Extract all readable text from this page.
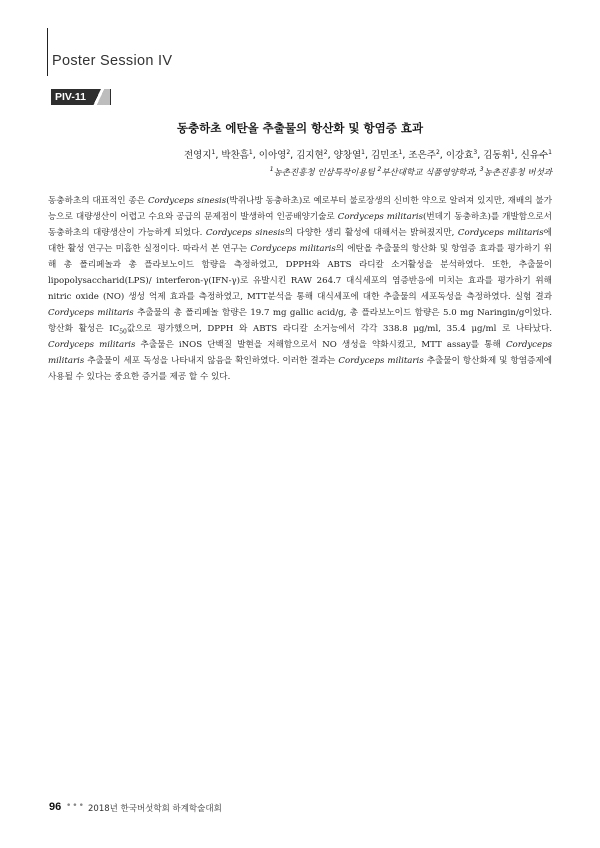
Poster Session IV
PIV-11
동충하초 에탄올 추출물의 항산화 및 항염증 효과

전영지$^1$, 박찬흠$^1$, 이아영$^2$, 김지현$^2$, 양창열$^1$, 김민조$^1$, 조은주$^2$, 이강효$^3$, 김동휘$^1$, 신유수$^1$

$^1$농촌진흥청 인삼특작이용팀 $^2$부산대학교 식품영양학과, $^3$농촌진흥청 버섯과

동충하초의 대표적인 종은 Cordyceps sinesis(박쥐나방 동충하초)로 예로부터 불로장생의 신비한 약으로 알려져 있지만, 재배의 불가능으로 대량생산이 어렵고 수요와 공급의 문제점이 발생하여 인공배양기술로 Cordyceps militaris(번데기 동충하초)를 개발함으로서 동충하초의 대량생산이 가능하게 되었다. Cordyceps sinesis의 다양한 생리 활성에 대해서는 밝혀졌지만, Cordyceps militaris에 대한 활성 연구는 미흡한 실정이다. 따라서 본 연구는 Cordyceps militaris의 에탄올 추출물의 항산화 및 항염증 효과를 평가하기 위해 총 폴리페놀과 총 플라보노이드 함량을 측정하였고, DPPH와 ABTS 라디칼 소거활성을 분석하였다. 또한, 추출물이 lipopolysaccharid(LPS)/ interferon-γ(IFN-γ)로 유발시킨 RAW 264.7 대식세포의 염증반응에 미치는 효과를 평가하기 위해 nitric oxide (NO) 생성 억제 효과를 측정하였고, MTT분석을 통해 대식세포에 대한 추출물의 세포독성을 측정하였다. 실험 결과 Cordyceps militaris 추출물의 총 폴리페놀 함량은 19.7 mg gallic acid/g, 총 플라보노이드 함량은 5.0 mg Naringin/g이었다. 항산화 활성은 $IC_{50}$값으로 평가했으며, DPPH 와 ABTS 라디칼 소거능에서 각각 338.8 μg/ml, 35.4 μg/ml 로 나타났다. Cordyceps militaris 추출물은 iNOS 단백질 발현을 저해함으로서 NO 생성을 약화시켰고, MTT assay를 통해 Cordyceps militaris 추출물이 세포 독성을 나타내지 않음을 확인하였다. 이러한 결과는 Cordyceps militaris 추출물이 항산화제 및 항염증제에 사용될 수 있다는 중요한 증거를 제공 할 수 있다.

96 ••• 2018년 한국버섯학회 하계학술대회
